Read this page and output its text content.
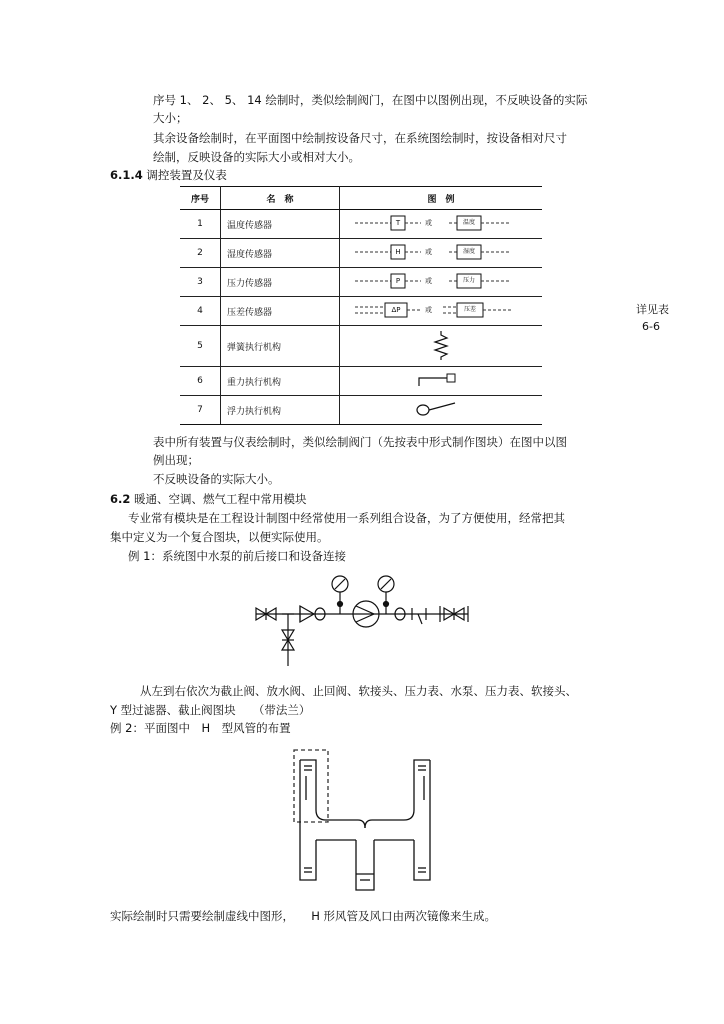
序号 1、 2、 5、 14 绘制时，类似绘制阀门，在图中以图例出现，不反映设备的实际
大小；
其余设备绘制时，在平面图中绘制按设备尺寸，在系统图绘制时，按设备相对尺寸
绘制，反映设备的实际大小或相对大小。
6.1.4 调控装置及仪表
序号	名　称	图　例
1	温度传感器	T 或 温度

2	湿度传感器	H 或 湿度

3	压力传感器	P 或 压力

4	压差传感器	ΔP 或 压差

5	弹簧执行机构	

6	重力执行机构	

7	浮力执行机构	
详见表
6-6
表中所有装置与仪表绘制时，类似绘制阀门（先按表中形式制作图块）在图中以图
例出现；
不反映设备的实际大小。
6.2 暖通、空调、燃气工程中常用模块
专业常有模块是在工程设计制图中经常使用一系列组合设备，为了方便使用，经常把其
集中定义为一个复合图块，以便实际使用。
例 1：系统图中水泵的前后接口和设备连接
从左到右依次为截止阀、放水阀、止回阀、软接头、压力表、水泵、压力表、软接头、
Y 型过滤器、截止阀图块　　（带法兰）
例 2：平面图中　H　型风管的布置
实际绘制时只需要绘制虚线中图形，　　H 形风管及风口由两次镜像来生成。
